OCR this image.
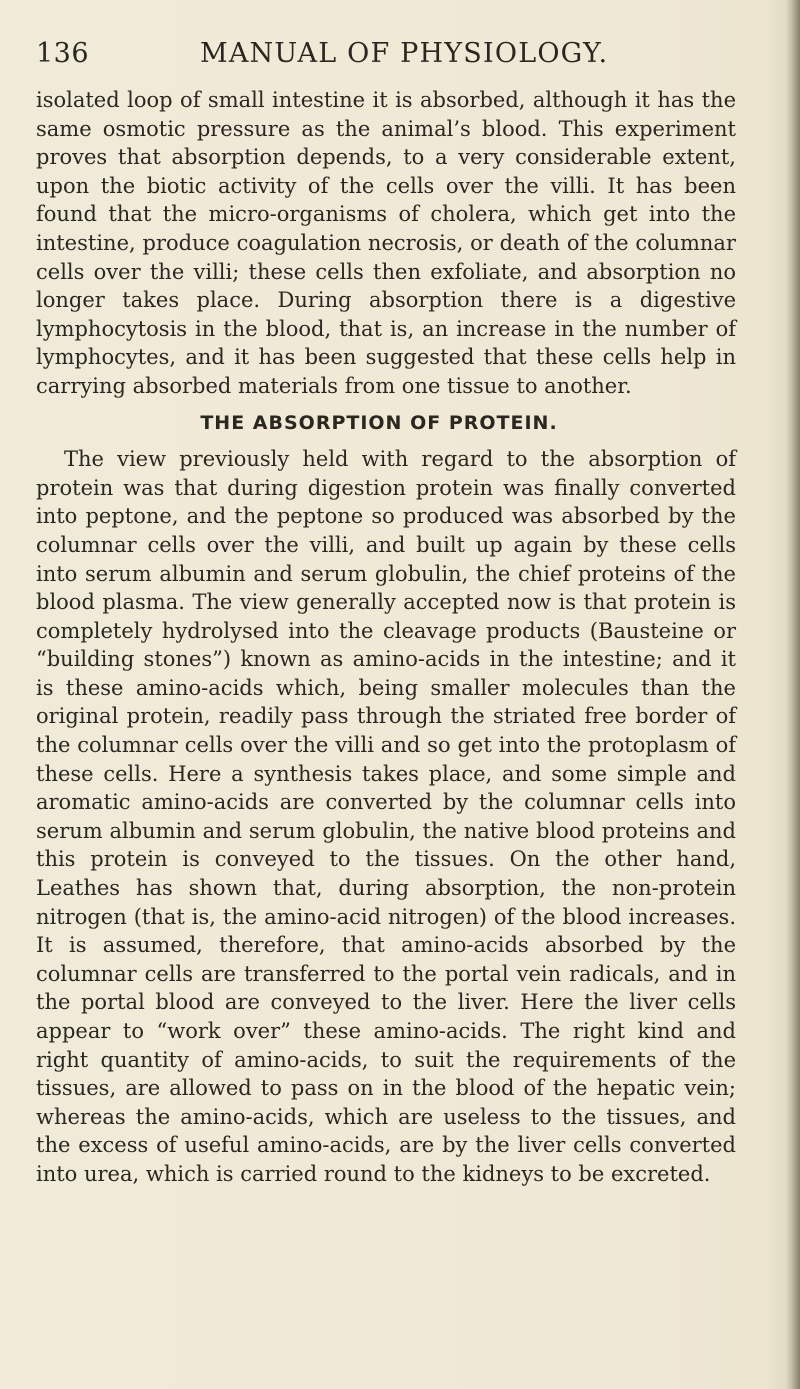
136	MANUAL OF PHYSIOLOGY.

isolated loop of small intestine it is absorbed, although it has the same osmotic pressure as the animal’s blood. This experiment proves that absorption depends, to a very considerable extent, upon the biotic activity of the cells over the villi. It has been found that the micro-organisms of cholera, which get into the intestine, produce coagulation necrosis, or death of the columnar cells over the villi; these cells then exfoliate, and absorption no longer takes place. During absorption there is a digestive lymphocytosis in the blood, that is, an increase in the number of lymphocytes, and it has been suggested that these cells help in carrying absorbed materials from one tissue to another.

THE ABSORPTION OF PROTEIN.

The view previously held with regard to the absorption of protein was that during digestion protein was finally converted into peptone, and the peptone so produced was absorbed by the columnar cells over the villi, and built up again by these cells into serum albumin and serum globulin, the chief proteins of the blood plasma. The view generally accepted now is that protein is completely hydrolysed into the cleavage products (Bausteine or “building stones”) known as amino-acids in the intestine; and it is these amino-acids which, being smaller molecules than the original protein, readily pass through the striated free border of the columnar cells over the villi and so get into the protoplasm of these cells. Here a synthesis takes place, and some simple and aromatic amino-acids are converted by the columnar cells into serum albumin and serum globulin, the native blood proteins and this protein is conveyed to the tissues. On the other hand, Leathes has shown that, during absorption, the non-protein nitrogen (that is, the amino-acid nitrogen) of the blood increases. It is assumed, therefore, that amino-acids absorbed by the columnar cells are transferred to the portal vein radicals, and in the portal blood are conveyed to the liver. Here the liver cells appear to “work over” these amino-acids. The right kind and right quantity of amino-acids, to suit the requirements of the tissues, are allowed to pass on in the blood of the hepatic vein; whereas the amino-acids, which are useless to the tissues, and the excess of useful amino-acids, are by the liver cells converted into urea, which is carried round to the kidneys to be excreted.
